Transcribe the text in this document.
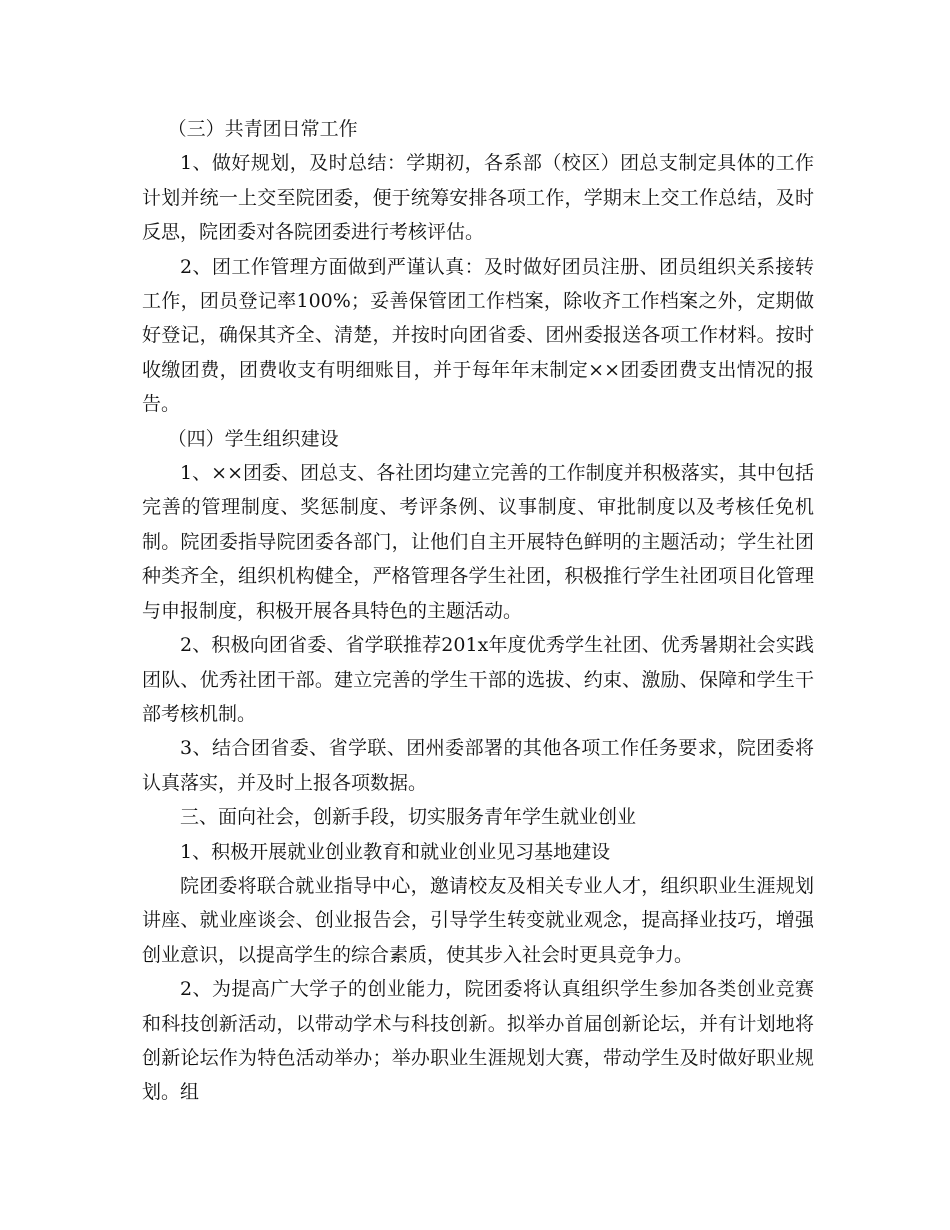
（三）共青团日常工作

1、做好规划，及时总结：学期初，各系部（校区）团总支制定具体的工作计划并统一上交至院团委，便于统筹安排各项工作，学期末上交工作总结，及时反思，院团委对各院团委进行考核评估。

2、团工作管理方面做到严谨认真：及时做好团员注册、团员组织关系接转工作，团员登记率100%；妥善保管团工作档案，除收齐工作档案之外，定期做好登记，确保其齐全、清楚，并按时向团省委、团州委报送各项工作材料。按时收缴团费，团费收支有明细账目，并于每年年末制定××团委团费支出情况的报告。

（四）学生组织建设

1、××团委、团总支、各社团均建立完善的工作制度并积极落实，其中包括完善的管理制度、奖惩制度、考评条例、议事制度、审批制度以及考核任免机制。院团委指导院团委各部门，让他们自主开展特色鲜明的主题活动；学生社团种类齐全，组织机构健全，严格管理各学生社团，积极推行学生社团项目化管理与申报制度，积极开展各具特色的主题活动。

2、积极向团省委、省学联推荐201x年度优秀学生社团、优秀暑期社会实践团队、优秀社团干部。建立完善的学生干部的选拔、约束、激励、保障和学生干部考核机制。

3、结合团省委、省学联、团州委部署的其他各项工作任务要求，院团委将认真落实，并及时上报各项数据。

三、面向社会，创新手段，切实服务青年学生就业创业

1、积极开展就业创业教育和就业创业见习基地建设

院团委将联合就业指导中心，邀请校友及相关专业人才，组织职业生涯规划讲座、就业座谈会、创业报告会，引导学生转变就业观念，提高择业技巧，增强创业意识，以提高学生的综合素质，使其步入社会时更具竞争力。

2、为提高广大学子的创业能力，院团委将认真组织学生参加各类创业竞赛和科技创新活动，以带动学术与科技创新。拟举办首届创新论坛，并有计划地将创新论坛作为特色活动举办；举办职业生涯规划大赛，带动学生及时做好职业规划。组
